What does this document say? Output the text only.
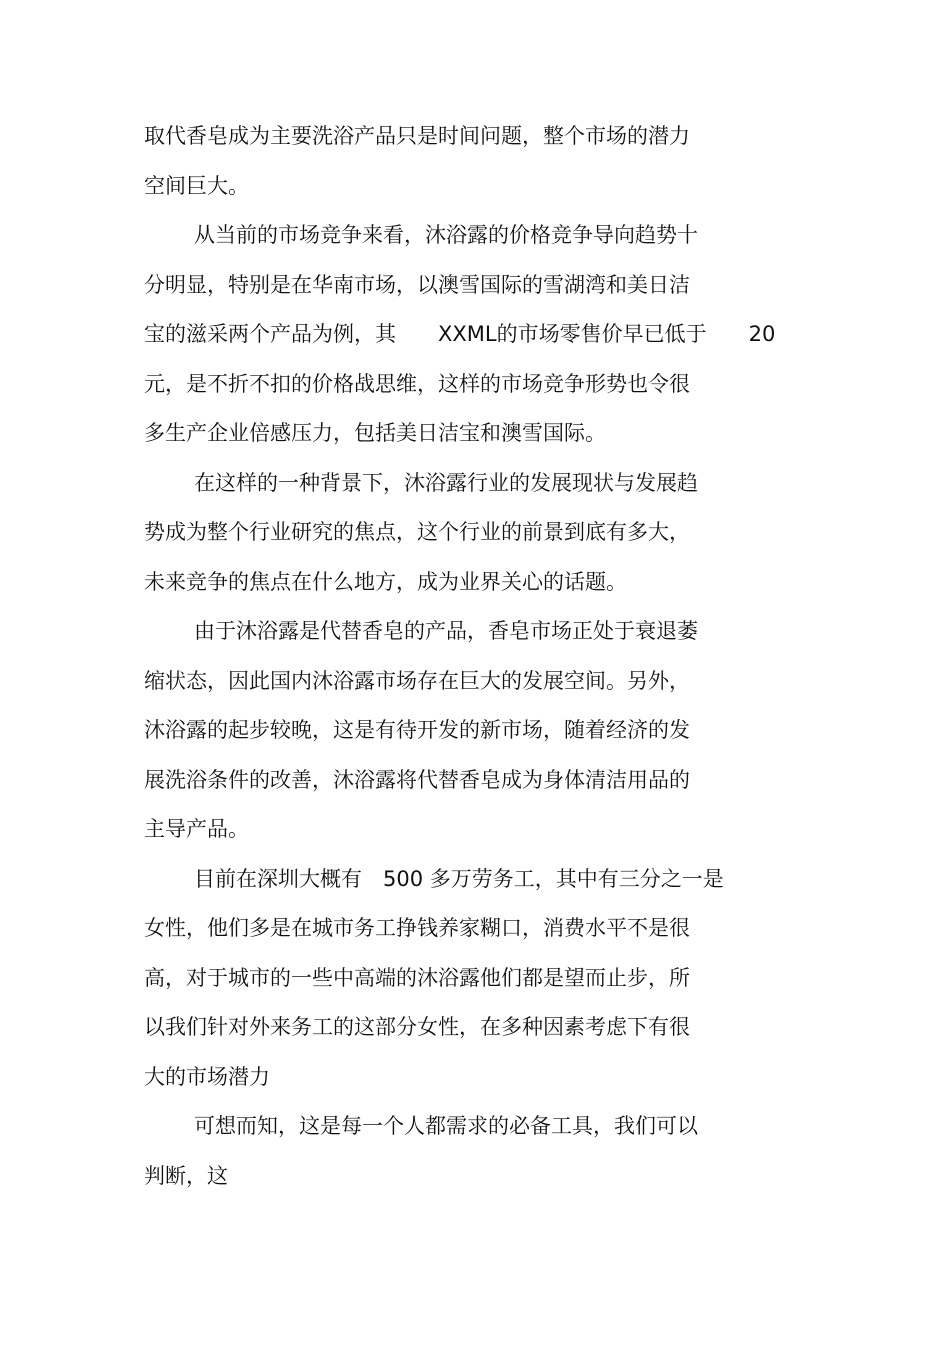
取代香皂成为主要洗浴产品只是时间问题，整个市场的潜力
空间巨大。
从当前的市场竞争来看，沐浴露的价格竞争导向趋势十
分明显，特别是在华南市场，以澳雪国际的雪湖湾和美日洁
宝的滋采两个产品为例，其　　XXML的市场零售价早已低于　　20
元，是不折不扣的价格战思维，这样的市场竞争形势也令很
多生产企业倍感压力，包括美日洁宝和澳雪国际。
在这样的一种背景下，沐浴露行业的发展现状与发展趋
势成为整个行业研究的焦点，这个行业的前景到底有多大，
未来竞争的焦点在什么地方，成为业界关心的话题。
由于沐浴露是代替香皂的产品，香皂市场正处于衰退萎
缩状态，因此国内沐浴露市场存在巨大的发展空间。另外，
沐浴露的起步较晚，这是有待开发的新市场，随着经济的发
展洗浴条件的改善，沐浴露将代替香皂成为身体清洁用品的
主导产品。
目前在深圳大概有　500 多万劳务工，其中有三分之一是
女性，他们多是在城市务工挣钱养家糊口，消费水平不是很
高，对于城市的一些中高端的沐浴露他们都是望而止步，所
以我们针对外来务工的这部分女性，在多种因素考虑下有很
大的市场潜力
可想而知，这是每一个人都需求的必备工具，我们可以
判断，这
